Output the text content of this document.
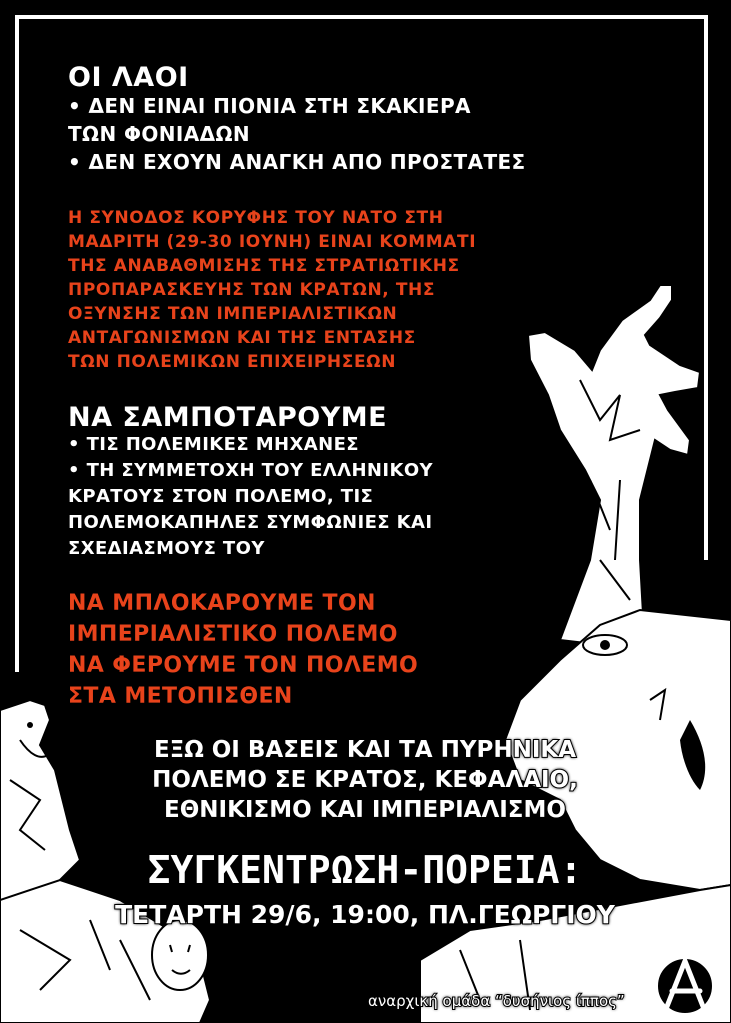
ΟΙ ΛΑΟΙ
• ΔΕΝ ΕΙΝΑΙ ΠΙΟΝΙΑ ΣΤΗ ΣΚΑΚΙΕΡΑ
ΤΩΝ ΦΟΝΙΑΔΩΝ
• ΔΕΝ ΕΧΟΥΝ ΑΝΑΓΚΗ ΑΠΟ ΠΡΟΣΤΑΤΕΣ
Η ΣΥΝΟΔΟΣ ΚΟΡΥΦΗΣ ΤΟΥ ΝΑΤΟ ΣΤΗ
ΜΑΔΡΙΤΗ (29-30 ΙΟΥΝΗ) ΕΙΝΑΙ ΚΟΜΜΑΤΙ
ΤΗΣ ΑΝΑΒΑΘΜΙΣΗΣ ΤΗΣ ΣΤΡΑΤΙΩΤΙΚΗΣ
ΠΡΟΠΑΡΑΣΚΕΥΗΣ ΤΩΝ ΚΡΑΤΩΝ, ΤΗΣ
ΟΞΥΝΣΗΣ ΤΩΝ ΙΜΠΕΡΙΑΛΙΣΤΙΚΩΝ
ΑΝΤΑΓΩΝΙΣΜΩΝ ΚΑΙ ΤΗΣ ΕΝΤΑΣΗΣ
ΤΩΝ ΠΟΛΕΜΙΚΩΝ ΕΠΙΧΕΙΡΗΣΕΩΝ
ΝΑ ΣΑΜΠΟΤΑΡΟΥΜΕ
• ΤΙΣ ΠΟΛΕΜΙΚΕΣ ΜΗΧΑΝΕΣ
• ΤΗ ΣΥΜΜΕΤΟΧΗ ΤΟΥ ΕΛΛΗΝΙΚΟΥ
ΚΡΑΤΟΥΣ ΣΤΟΝ ΠΟΛΕΜΟ, ΤΙΣ
ΠΟΛΕΜΟΚΑΠΗΛΕΣ ΣΥΜΦΩΝΙΕΣ ΚΑΙ
ΣΧΕΔΙΑΣΜΟΥΣ ΤΟΥ
ΝΑ ΜΠΛΟΚΑΡΟΥΜΕ ΤΟΝ
ΙΜΠΕΡΙΑΛΙΣΤΙΚΟ ΠΟΛΕΜΟ
ΝΑ ΦΕΡΟΥΜΕ ΤΟΝ ΠΟΛΕΜΟ
ΣΤΑ ΜΕΤΟΠΙΣΘΕΝ
ΕΞΩ ΟΙ ΒΑΣΕΙΣ ΚΑΙ ΤΑ ΠΥΡΗΝΙΚΑ
ΠΟΛΕΜΟ ΣΕ ΚΡΑΤΟΣ, ΚΕΦΑΛΑΙΟ,
ΕΘΝΙΚΙΣΜΟ ΚΑΙ ΙΜΠΕΡΙΑΛΙΣΜΟ
ΣΥΓΚΕΝΤΡΩΣΗ-ΠΟΡΕΙΑ:
ΤΕΤΑΡΤΗ 29/6, 19:00, ΠΛ.ΓΕΩΡΓΙΟΥ
αναρχική ομάδα “δυσήνιος ίππος”
